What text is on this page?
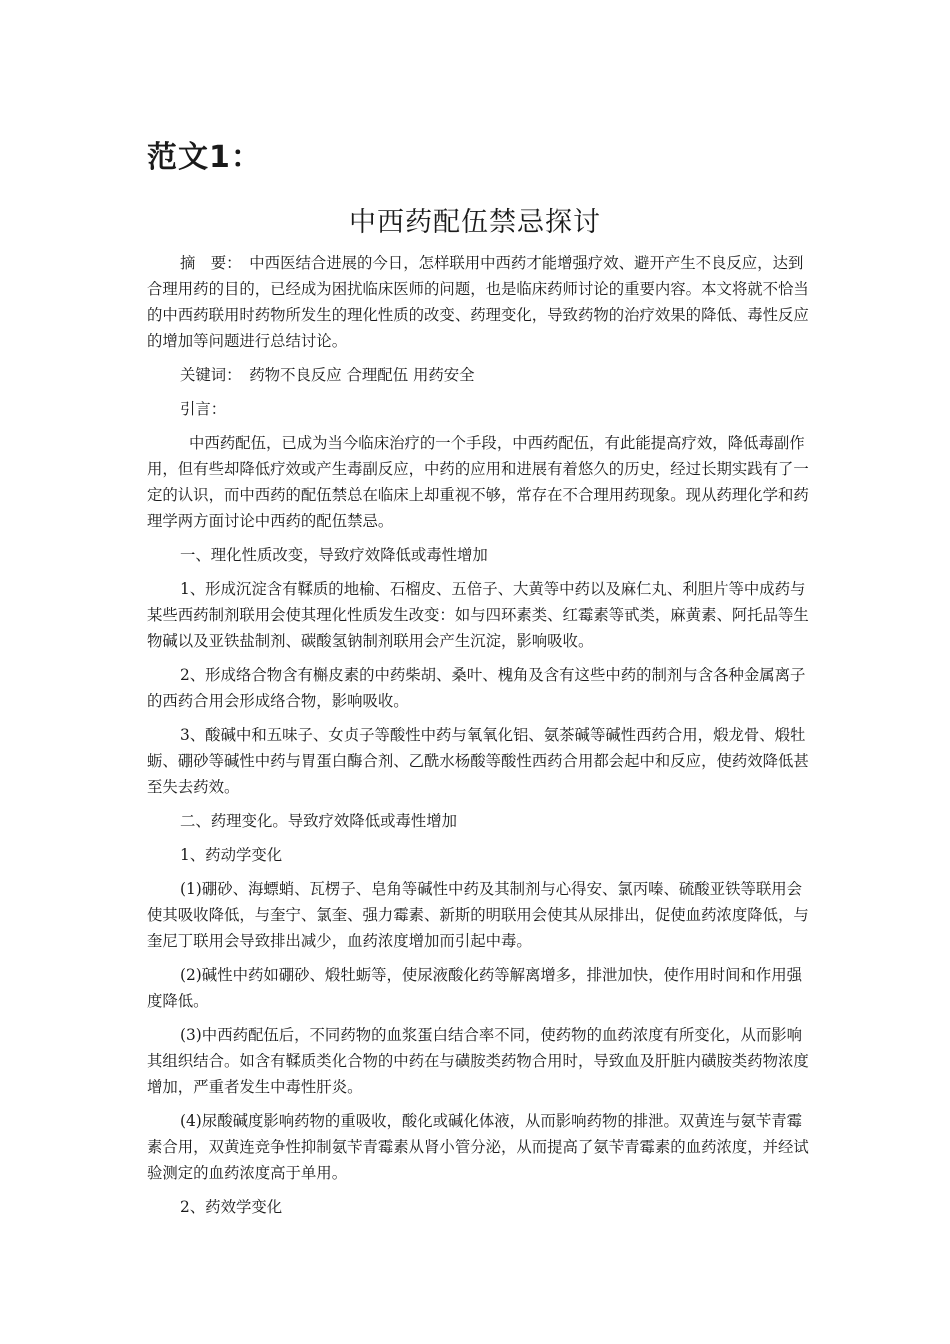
范文1：
中西药配伍禁忌探讨

摘　要：　 中西医结合进展的今日，怎样联用中西药才能增强疗效、避开产生不良反应，达到合理用药的目的，已经成为困扰临床医师的问题，也是临床药师讨论的重要内容。本文将就不恰当的中西药联用时药物所发生的理化性质的改变、药理变化，导致药物的治疗效果的降低、毒性反应的增加等问题进行总结讨论。

关键词：　 药物不良反应 合理配伍 用药安全

引言：

中西药配伍，已成为当今临床治疗的一个手段，中西药配伍，有此能提高疗效，降低毒副作用，但有些却降低疗效或产生毒副反应，中药的应用和进展有着悠久的历史，经过长期实践有了一定的认识，而中西药的配伍禁总在临床上却重视不够，常存在不合理用药现象。现从药理化学和药理学两方面讨论中西药的配伍禁忌。

一、理化性质改变，导致疗效降低或毒性增加

1、形成沉淀含有鞣质的地榆、石榴皮、五倍子、大黄等中药以及麻仁丸、利胆片等中成药与某些西药制剂联用会使其理化性质发生改变：如与四环素类、红霉素等甙类，麻黄素、阿托品等生物碱以及亚铁盐制剂、碳酸氢钠制剂联用会产生沉淀，影响吸收。

2、形成络合物含有槲皮素的中药柴胡、桑叶、槐角及含有这些中药的制剂与含各种金属离子的西药合用会形成络合物，影响吸收。

3、酸碱中和五味子、女贞子等酸性中药与氧氧化铝、氨茶碱等碱性西药合用，煅龙骨、煅牡蛎、硼砂等碱性中药与胃蛋白酶合剂、乙酰水杨酸等酸性西药合用都会起中和反应，使药效降低甚至失去药效。

二、药理变化。导致疗效降低或毒性增加

1、药动学变化

(1)硼砂、海螵蛸、瓦楞子、皂角等碱性中药及其制剂与心得安、氯丙嗪、硫酸亚铁等联用会使其吸收降低，与奎宁、氯奎、强力霉素、新斯的明联用会使其从尿排出，促使血药浓度降低，与奎尼丁联用会导致排出减少，血药浓度增加而引起中毒。

(2)碱性中药如硼砂、煅牡蛎等，使尿液酸化药等解离增多，排泄加快，使作用时间和作用强度降低。

(3)中西药配伍后，不同药物的血浆蛋白结合率不同，使药物的血药浓度有所变化，从而影响其组织结合。如含有鞣质类化合物的中药在与磺胺类药物合用时，导致血及肝脏内磺胺类药物浓度增加，严重者发生中毒性肝炎。

(4)尿酸碱度影响药物的重吸收，酸化或碱化体液，从而影响药物的排泄。双黄连与氨苄青霉素合用，双黄连竞争性抑制氨苄青霉素从肾小管分泌，从而提高了氨苄青霉素的血药浓度，并经试验测定的血药浓度高于单用。

2、药效学变化
